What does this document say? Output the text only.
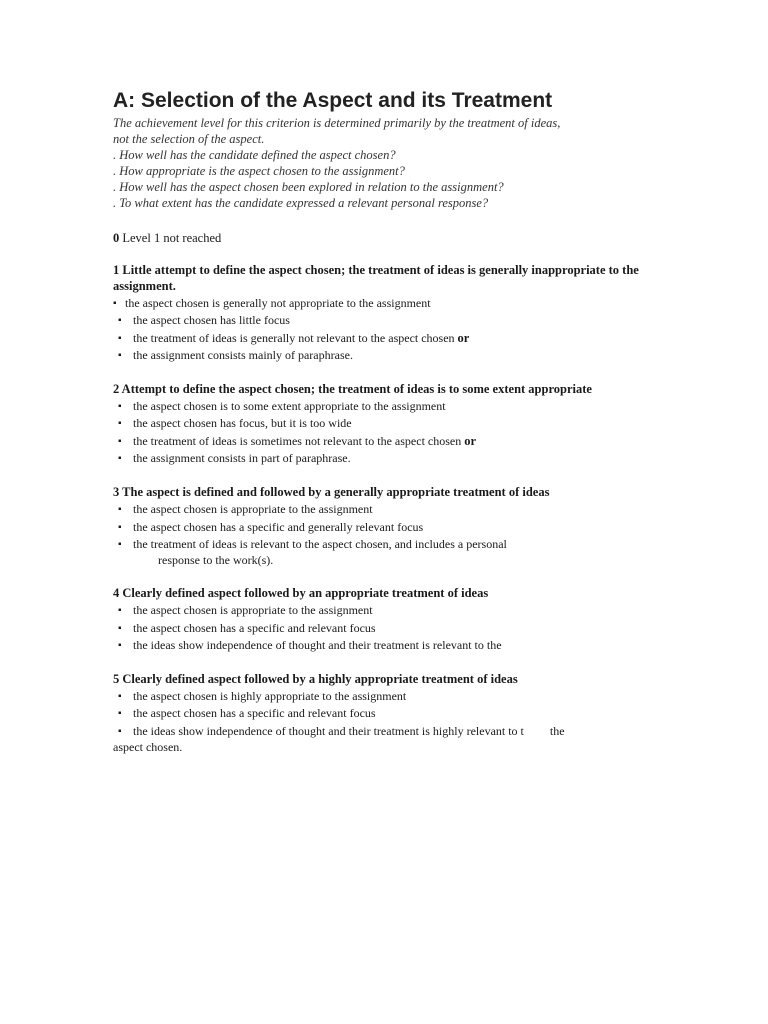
A: Selection of the Aspect and its Treatment
The achievement level for this criterion is determined primarily by the treatment of ideas,
not the selection of the aspect.
. How well has the candidate defined the aspect chosen?
. How appropriate is the aspect chosen to the assignment?
. How well has the aspect chosen been explored in relation to the assignment?
. To what extent has the candidate expressed a relevant personal response?
0 Level 1 not reached
1 Little attempt to define the aspect chosen; the treatment of ideas is generally inappropriate to the assignment.
▪ the aspect chosen is generally not appropriate to the assignment
▪ the aspect chosen has little focus
▪ the treatment of ideas is generally not relevant to the aspect chosen or
▪ the assignment consists mainly of paraphrase.
2 Attempt to define the aspect chosen; the treatment of ideas is to some extent appropriate
▪ the aspect chosen is to some extent appropriate to the assignment
▪ the aspect chosen has focus, but it is too wide
▪ the treatment of ideas is sometimes not relevant to the aspect chosen or
▪ the assignment consists in part of paraphrase.
3 The aspect is defined and followed by a generally appropriate treatment of ideas
▪ the aspect chosen is appropriate to the assignment
▪ the aspect chosen has a specific and generally relevant focus
▪ the treatment of ideas is relevant to the aspect chosen, and includes a personal
response to the work(s).
4 Clearly defined aspect followed by an appropriate treatment of ideas
▪ the aspect chosen is appropriate to the assignment
▪ the aspect chosen has a specific and relevant focus
▪ the ideas show independence of thought and their treatment is relevant to the
5 Clearly defined aspect followed by a highly appropriate treatment of ideas
▪ the aspect chosen is highly appropriate to the assignment
▪ the aspect chosen has a specific and relevant focus
▪ the ideas show independence of thought and their treatment is highly relevant to t the
aspect chosen.
